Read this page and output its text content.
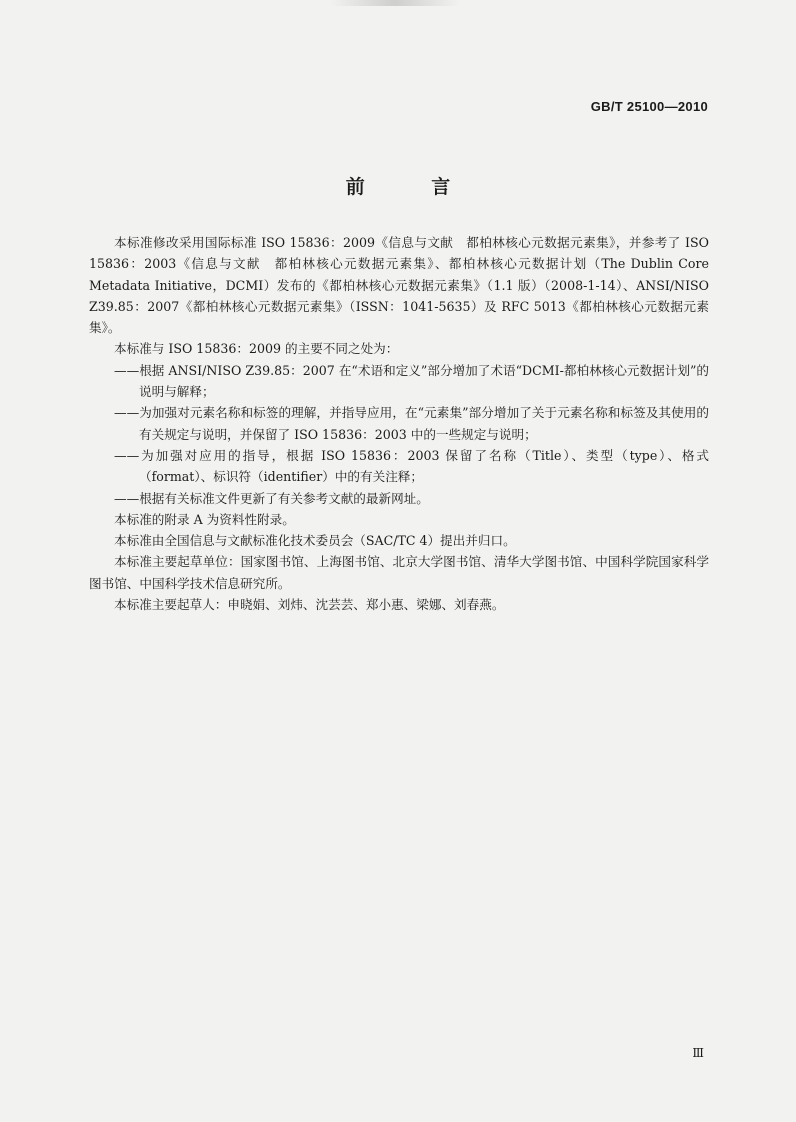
GB/T 25100—2010
前 言

本标准修改采用国际标准 ISO 15836：2009《信息与文献　都柏林核心元数据元素集》，并参考了 ISO 15836：2003《信息与文献　都柏林核心元数据元素集》、都柏林核心元数据计划（The Dublin Core Metadata Initiative，DCMI）发布的《都柏林核心元数据元素集》（1.1 版）（2008-1-14）、ANSI/NISO Z39.85：2007《都柏林核心元数据元素集》（ISSN：1041-5635）及 RFC 5013《都柏林核心元数据元素集》。

本标准与 ISO 15836：2009 的主要不同之处为：

——根据 ANSI/NISO Z39.85：2007 在“术语和定义”部分增加了术语“DCMI-都柏林核心元数据计划”的说明与解释；

——为加强对元素名称和标签的理解，并指导应用，在“元素集”部分增加了关于元素名称和标签及其使用的有关规定与说明，并保留了 ISO 15836：2003 中的一些规定与说明；

——为加强对应用的指导，根据 ISO 15836：2003 保留了名称（Title）、类型（type）、格式（format）、标识符（identifier）中的有关注释；

——根据有关标准文件更新了有关参考文献的最新网址。

本标准的附录 A 为资料性附录。

本标准由全国信息与文献标准化技术委员会（SAC/TC 4）提出并归口。

本标准主要起草单位：国家图书馆、上海图书馆、北京大学图书馆、清华大学图书馆、中国科学院国家科学图书馆、中国科学技术信息研究所。

本标准主要起草人：申晓娟、刘炜、沈芸芸、郑小惠、梁娜、刘春燕。

Ⅲ
